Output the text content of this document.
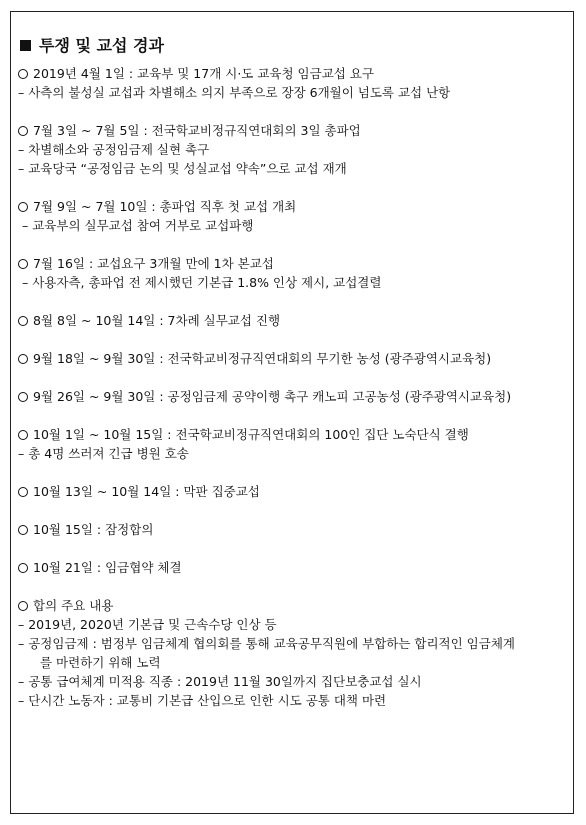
투쟁 및 교섭 경과
2019년 4월 1일 : 교육부 및 17개 시·도 교육청 임금교섭 요구
– 사측의 불성실 교섭과 차별해소 의지 부족으로 장장 6개월이 넘도록 교섭 난항
7월 3일 ~ 7월 5일 : 전국학교비정규직연대회의 3일 총파업
– 차별해소와 공정임금제 실현 촉구
– 교육당국 “공정임금 논의 및 성실교섭 약속”으로 교섭 재개
7월 9일 ~ 7월 10일 : 총파업 직후 첫 교섭 개최
– 교육부의 실무교섭 참여 거부로 교섭파행
7월 16일 : 교섭요구 3개월 만에 1차 본교섭
– 사용자측, 총파업 전 제시했던 기본급 1.8% 인상 제시, 교섭결렬
8월 8일 ~ 10월 14일 : 7차례 실무교섭 진행
9월 18일 ~ 9월 30일 : 전국학교비정규직연대회의 무기한 농성 (광주광역시교육청)
9월 26일 ~ 9월 30일 : 공정임금제 공약이행 촉구 캐노피 고공농성 (광주광역시교육청)
10월 1일 ~ 10월 15일 : 전국학교비정규직연대회의 100인 집단 노숙단식 결행
– 총 4명 쓰러져 긴급 병원 호송
10월 13일 ~ 10월 14일 : 막판 집중교섭
10월 15일 : 잠정합의
10월 21일 : 임금협약 체결
합의 주요 내용
– 2019년, 2020년 기본급 및 근속수당 인상 등
– 공정임금제 : 범정부 임금체계 협의회를 통해 교육공무직원에 부합하는 합리적인 임금체계
를 마련하기 위해 노력
– 공통 급여체계 미적용 직종 : 2019년 11월 30일까지 집단보충교섭 실시
– 단시간 노동자 : 교통비 기본급 산입으로 인한 시도 공통 대책 마련
